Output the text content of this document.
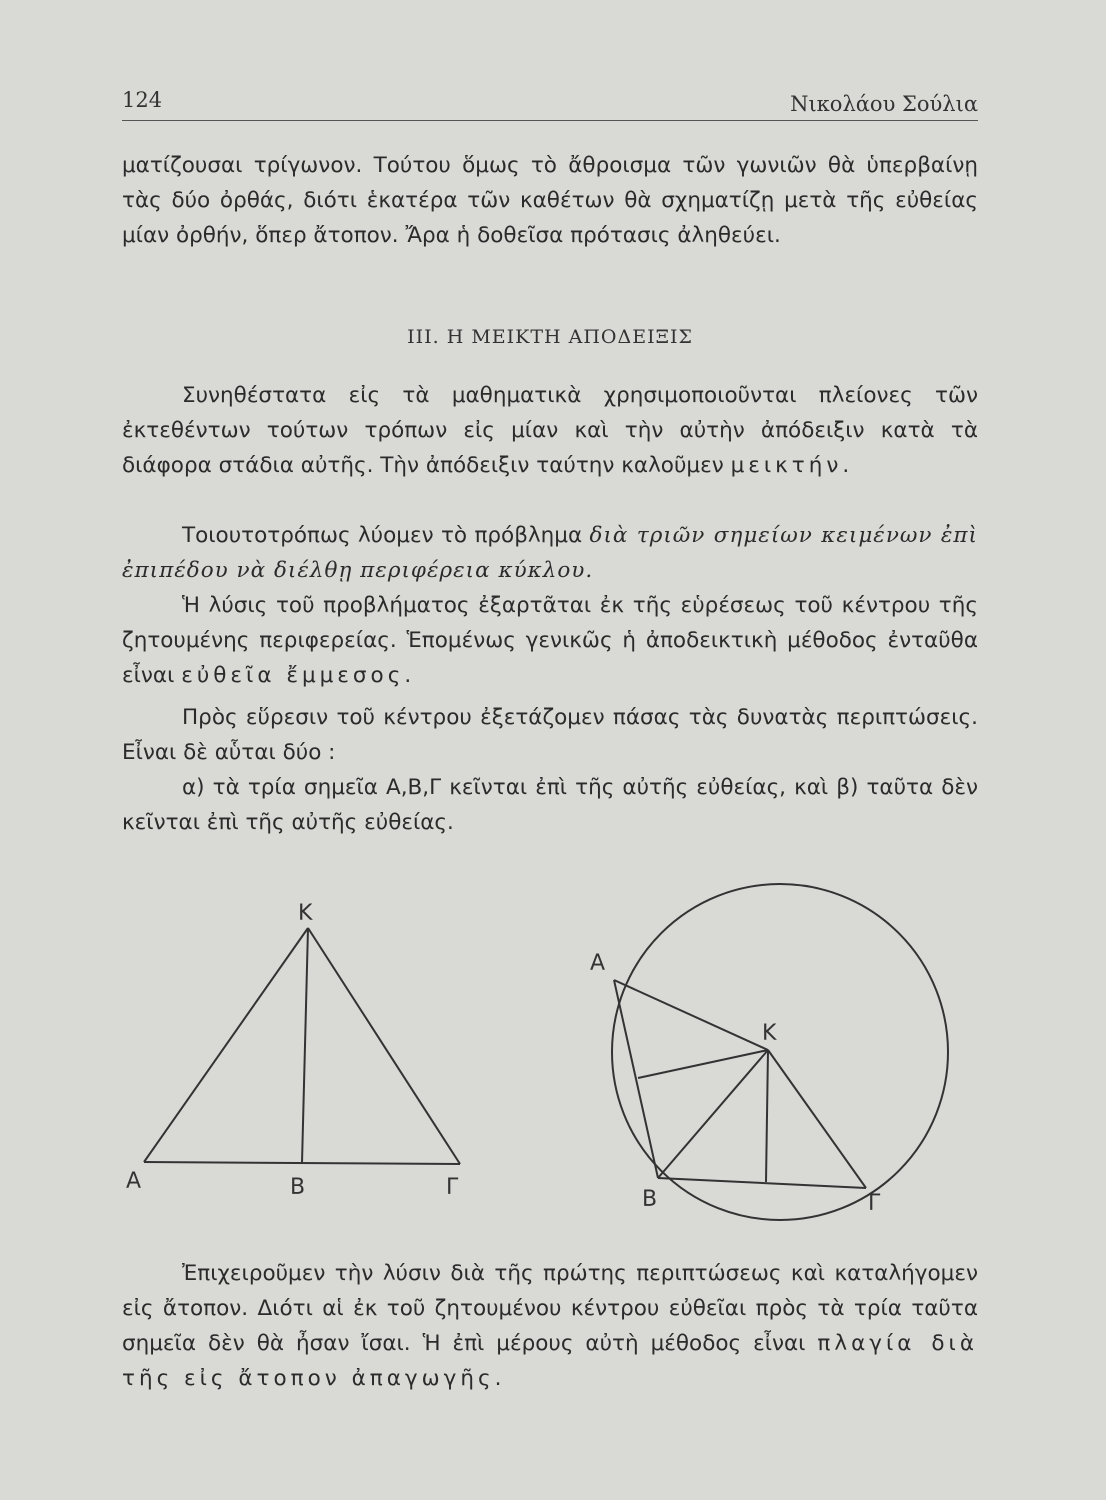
124	Νικολάου Σούλια

ματίζουσαι τρίγωνον. Τούτου ὅμως τὸ ἄθροισμα τῶν γωνιῶν θὰ ὑπερβαίνῃ τὰς δύο ὀρθάς, διότι ἑκατέρα τῶν καθέτων θὰ σχηματίζῃ μετὰ τῆς εὐθείας μίαν ὀρθήν, ὅπερ ἄτοπον. Ἄρα ἡ δοθεῖσα πρότασις ἀληθεύει.

III. Η ΜΕΙΚΤΗ ΑΠΟΔΕΙΞΙΣ

Συνηθέστατα εἰς τὰ μαθηματικὰ χρησιμοποιοῦνται πλείονες τῶν ἐκτεθέντων τούτων τρόπων εἰς μίαν καὶ τὴν αὐτὴν ἀπόδειξιν κατὰ τὰ διάφορα στάδια αὐτῆς. Τὴν ἀπόδειξιν ταύτην καλοῦμεν μεικτήν.

Τοιουτοτρόπως λύομεν τὸ πρόβλημα διὰ τριῶν σημείων κειμένων ἐπὶ ἐπιπέδου νὰ διέλθῃ περιφέρεια κύκλου.

Ἡ λύσις τοῦ προβλήματος ἐξαρτᾶται ἐκ τῆς εὑρέσεως τοῦ κέντρου τῆς ζητουμένης περιφερείας. Ἑπομένως γενικῶς ἡ ἀποδεικτικὴ μέθοδος ἐνταῦθα εἶναι εὐθεῖα ἔμμεσος.

Πρὸς εὕρεσιν τοῦ κέντρου ἐξετάζομεν πάσας τὰς δυνατὰς περιπτώσεις. Εἶναι δὲ αὗται δύο :

α) τὰ τρία σημεῖα Α,Β,Γ κεῖνται ἐπὶ τῆς αὐτῆς εὐθείας, καὶ β) ταῦτα δὲν κεῖνται ἐπὶ τῆς αὐτῆς εὐθείας.

Κ
Α	Β	Γ
Α
Κ
Β	Γ

Ἐπιχειροῦμεν τὴν λύσιν διὰ τῆς πρώτης περιπτώσεως καὶ καταλήγομεν εἰς ἄτοπον. Διότι αἱ ἐκ τοῦ ζητουμένου κέντρου εὐθεῖαι πρὸς τὰ τρία ταῦτα σημεῖα δὲν θὰ ἦσαν ἴσαι. Ἡ ἐπὶ μέρους αὐτὴ μέθοδος εἶναι πλαγία διὰ τῆς εἰς ἄτοπον ἀπαγωγῆς.
